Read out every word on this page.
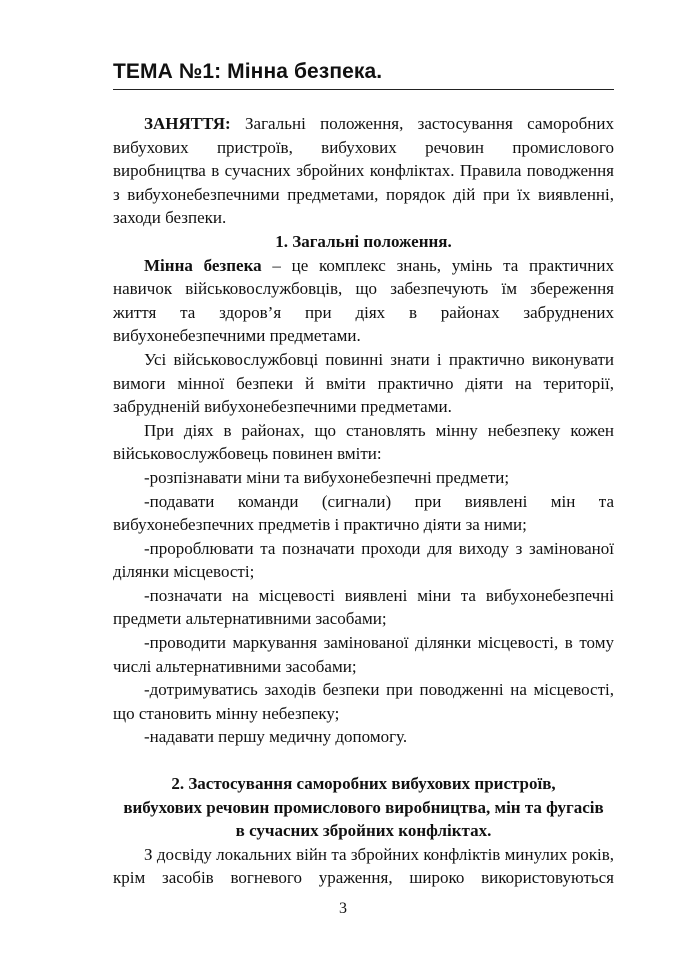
ТЕМА №1: Мінна безпека.

ЗАНЯТТЯ: Загальні положення, застосування саморобних вибухових пристроїв, вибухових речовин промислового виробництва в сучасних збройних конфліктах. Правила поводження з вибухонебезпечними предметами, порядок дій при їх виявленні, заходи безпеки.

1. Загальні положення.

Мінна безпека – це комплекс знань, умінь та практичних навичок військовослужбовців, що забезпечують їм збереження життя та здоров’я при діях в районах забруднених вибухонебезпечними предметами.

Усі військовослужбовці повинні знати і практично виконувати вимоги мінної безпеки й вміти практично діяти на території, забрудненій вибухонебезпечними предметами.

При діях в районах, що становлять мінну небезпеку кожен військовослужбовець повинен вміти:

-розпізнавати міни та вибухонебезпечні предмети;

-подавати команди (сигнали) при виявлені мін та вибухонебезпечних предметів і практично діяти за ними;

-пророблювати та позначати проходи для виходу з замінованої ділянки місцевості;

-позначати на місцевості виявлені міни та вибухонебезпечні предмети альтернативними засобами;

-проводити маркування замінованої ділянки місцевості, в тому числі альтернативними засобами;

-дотримуватись заходів безпеки при поводженні на місцевості, що становить мінну небезпеку;

-надавати першу медичну допомогу.

2. Застосування саморобних вибухових пристроїв,

вибухових речовин промислового виробництва, мін та фугасів

в сучасних збройних конфліктах.

З досвіду локальних війн та збройних конфліктів минулих років, крім засобів вогневого ураження, широко використовуються

3
